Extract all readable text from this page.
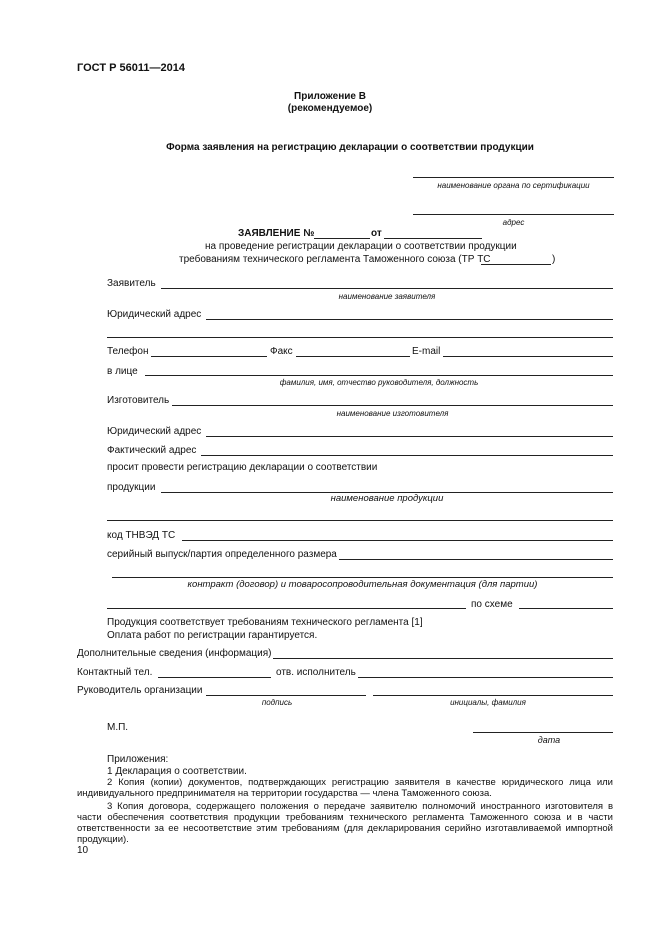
ГОСТ Р 56011—2014
Приложение В
(рекомендуемое)
Форма заявления на регистрацию декларации о соответствии продукции
наименование органа по сертификации
адрес
ЗАЯВЛЕНИЕ №	от
на проведение регистрации декларации о соответствии продукции
требованиям технического регламента Таможенного союза (ТР ТС	)
Заявитель
наименование заявителя
Юридический адрес
Телефон	Факс	E-mail
в лице
фамилия, имя, отчество руководителя, должность
Изготовитель
наименование изготовителя
Юридический адрес
Фактический адрес
просит провести регистрацию декларации о соответствии
продукции
наименование продукции
код ТНВЭД ТС
серийный выпуск/партия определенного размера
контракт (договор) и товаросопроводительная документация (для партии)
по схеме
Продукция соответствует требованиям технического регламента [1]
Оплата работ по регистрации гарантируется.
Дополнительные сведения (информация)
Контактный тел.	отв. исполнитель
Руководитель организации
подпись	инициалы, фамилия
М.П.
дата
Приложения:
1 Декларация о соответствии.
2 Копия (копии) документов, подтверждающих регистрацию заявителя в качестве юридического лица или индивидуального предпринимателя на территории государства — члена Таможенного союза.
3 Копия договора, содержащего положения о передаче заявителю полномочий иностранного изготовителя в части обеспечения соответствия продукции требованиям технического регламента Таможенного союза и в части ответственности за ее несоответствие этим требованиям (для декларирования серийно изготавливаемой импортной продукции).
10
